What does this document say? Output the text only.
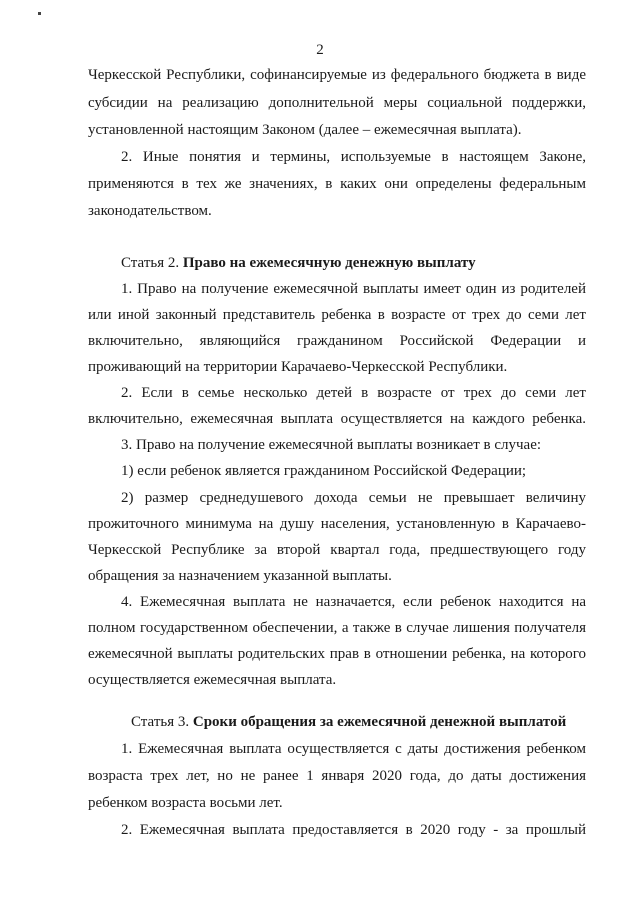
2
Черкесской Республики, софинансируемые из федерального бюджета в виде
субсидии на реализацию дополнительной меры социальной поддержки,
установленной настоящим Законом (далее – ежемесячная выплата).
2. Иные понятия и термины, используемые в настоящем Законе,
применяются в тех же значениях, в каких они определены федеральным
законодательством.
Статья 2. Право на ежемесячную денежную выплату
1. Право на получение ежемесячной выплаты имеет один из родителей
или иной законный представитель ребенка в возрасте от трех до семи лет
включительно, являющийся гражданином Российской Федерации и
проживающий на территории Карачаево-Черкесской Республики.
2. Если в семье несколько детей в возрасте от трех до семи лет
включительно, ежемесячная выплата осуществляется на каждого ребенка.
3. Право на получение ежемесячной выплаты возникает в случае:
1) если ребенок является гражданином Российской Федерации;
2) размер среднедушевого дохода семьи не превышает величину
прожиточного минимума на душу населения, установленную в Карачаево-
Черкесской Республике за второй квартал года, предшествующего году
обращения за назначением указанной выплаты.
4. Ежемесячная выплата не назначается, если ребенок находится на
полном государственном обеспечении, а также в случае лишения получателя
ежемесячной выплаты родительских прав в отношении ребенка, на которого
осуществляется ежемесячная выплата.
Статья 3. Сроки обращения за ежемесячной денежной выплатой
1. Ежемесячная выплата осуществляется с даты достижения ребенком
возраста трех лет, но не ранее 1 января 2020 года, до даты достижения
ребенком возраста восьми лет.
2. Ежемесячная выплата предоставляется в 2020 году - за прошлый
